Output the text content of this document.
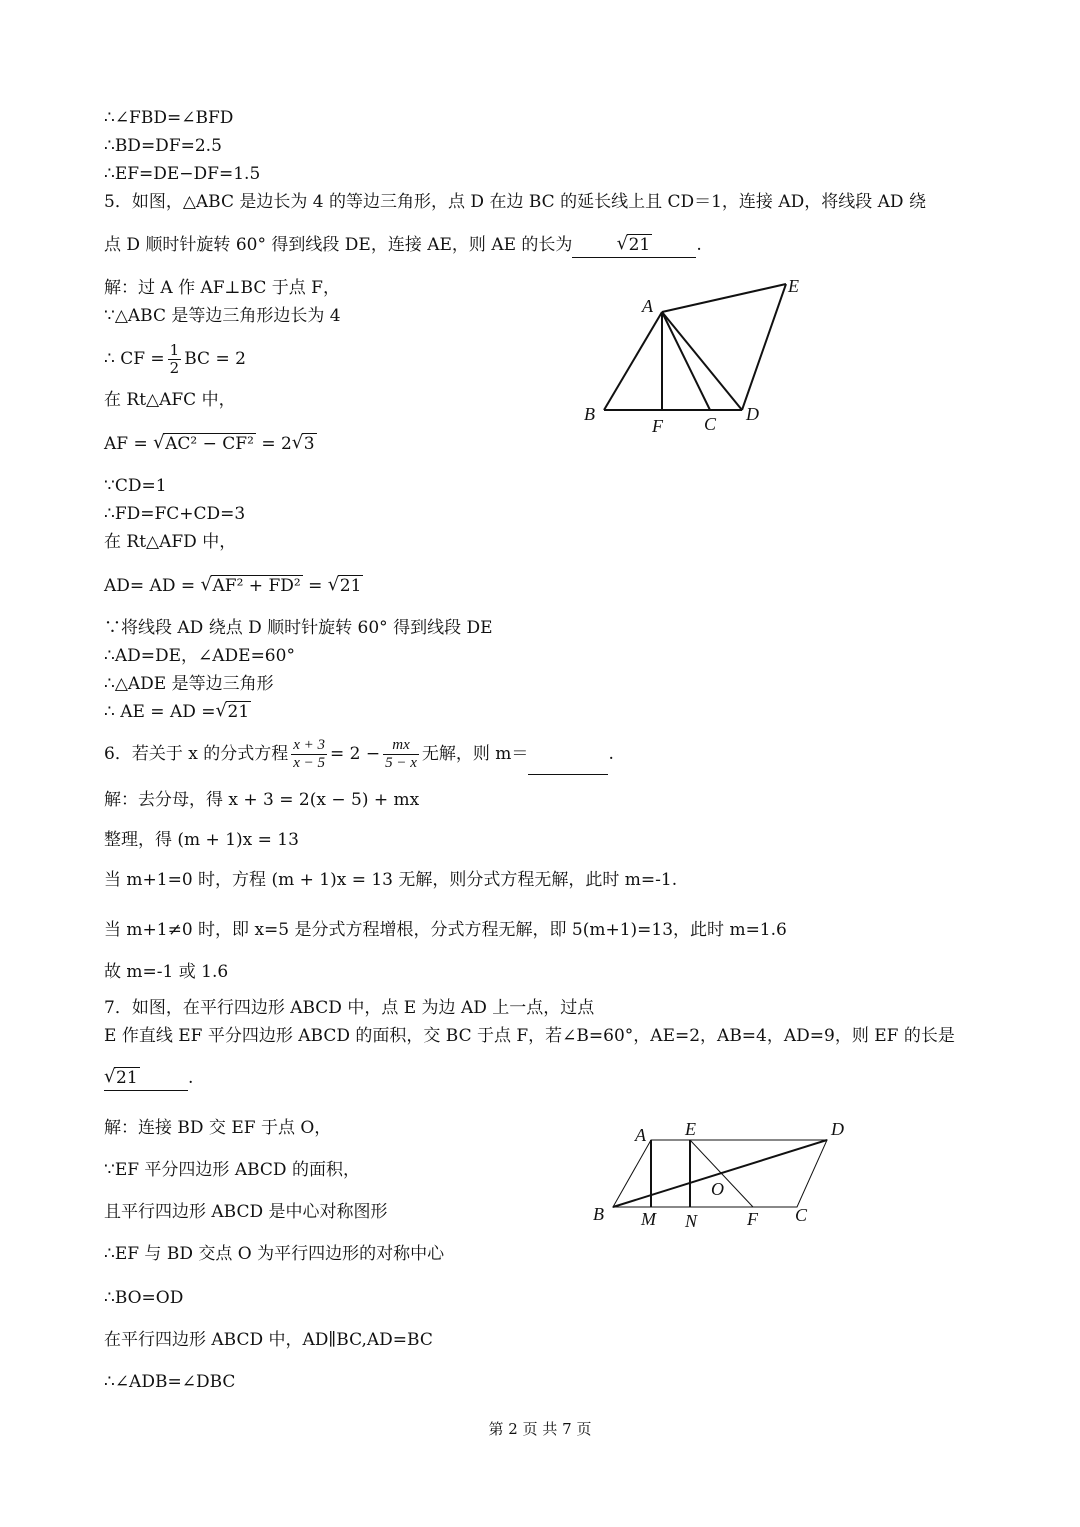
∴∠FBD=∠BFD
∴BD=DF=2.5
∴EF=DE−DF=1.5
5．如图，△ABC 是边长为 4 的等边三角形，点 D 在边 BC 的延长线上且 CD＝1，连接 AD，将线段 AD 绕
点 D 顺时针旋转 60° 得到线段 DE，连接 AE，则 AE 的长为 √ 21	.
解：过 A 作 AF⊥BC 于点 F，
∵△ABC 是等边三角形边长为 4
∴ CF = $\frac{1}{2}$ BC = 2
在 Rt△AFC 中，
AF = √ AC² − CF² = 2 √ 3
∵CD=1
∴FD=FC+CD=3
在 Rt△AFD 中，
AD= AD = √ AF² + FD² = √ 21
∵将线段 AD 绕点 D 顺时针旋转 60° 得到线段 DE
∴AD=DE，∠ADE=60°
∴△ADE 是等边三角形
∴ AE = AD = √ 21
A
B	C D
E
F
6．若关于 x 的分式方程 $\frac{x + 3}{x - 5} = 2 - \frac{mx}{5 - x}$ 无解，则 m＝	.
解：去分母，得 x + 3 = 2(x − 5) + mx
整理，得 (m + 1)x = 13
当 m+1=0 时，方程 (m + 1)x = 13 无解，则分式方程无解，此时 m=-1.
当 m+1≠0 时，即 x=5 是分式方程增根，分式方程无解，即 5(m+1)=13，此时 m=1.6
故 m=-1 或 1.6
7．如图，在平行四边形 ABCD 中，点 E 为边 AD 上一点，过点
E 作直线 EF 平分四边形 ABCD 的面积，交 BC 于点 F，若∠B=60°，AE=2，AB=4，AD=9，则 EF 的长是
√ 21	.
解：连接 BD 交 EF 于点 O，
∵EF 平分四边形 ABCD 的面积，
且平行四边形 ABCD 是中心对称图形
∴EF 与 BD 交点 O 为平行四边形的对称中心
∴BO=OD
在平行四边形 ABCD 中，AD∥BC,AD=BC
∴∠ADB=∠DBC
A E	D
O
B M N	F C
第 2 页 共 7 页
